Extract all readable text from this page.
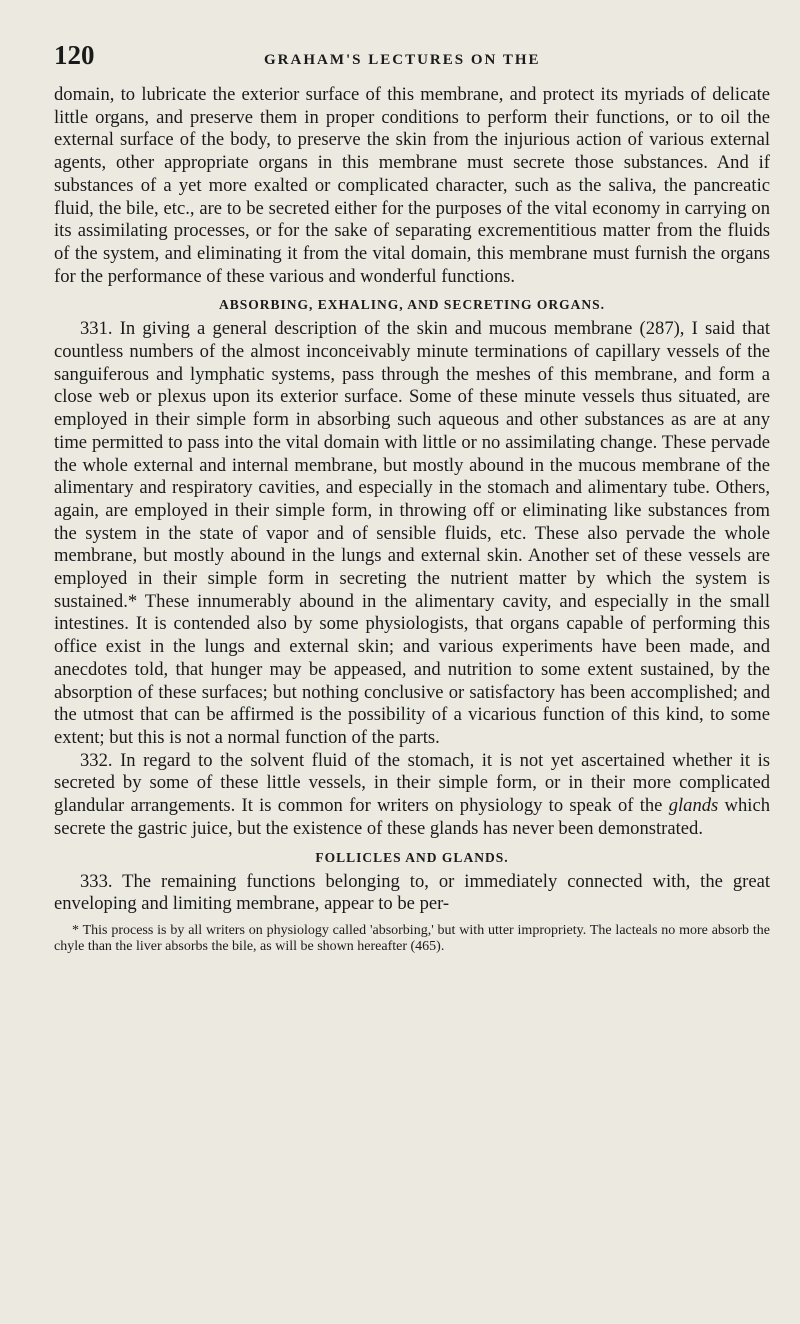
120	GRAHAM'S LECTURES ON THE

domain, to lubricate the exterior surface of this membrane, and protect its myriads of delicate little organs, and preserve them in proper conditions to perform their functions, or to oil the external surface of the body, to preserve the skin from the injurious action of various external agents, other appropriate organs in this membrane must secrete those substances. And if substances of a yet more exalted or complicated character, such as the saliva, the pancreatic fluid, the bile, etc., are to be secreted either for the purposes of the vital economy in carrying on its assimilating processes, or for the sake of separating excrementitious matter from the fluids of the system, and eliminating it from the vital domain, this membrane must furnish the organs for the performance of these various and wonderful functions.

ABSORBING, EXHALING, AND SECRETING ORGANS.

331. In giving a general description of the skin and mucous membrane (287), I said that countless numbers of the almost inconceivably minute terminations of capillary vessels of the sanguiferous and lymphatic systems, pass through the meshes of this membrane, and form a close web or plexus upon its exterior surface. Some of these minute vessels thus situated, are employed in their simple form in absorbing such aqueous and other substances as are at any time permitted to pass into the vital domain with little or no assimilating change. These pervade the whole external and internal membrane, but mostly abound in the mucous membrane of the alimentary and respiratory cavities, and especially in the stomach and alimentary tube. Others, again, are employed in their simple form, in throwing off or eliminating like substances from the system in the state of vapor and of sensible fluids, etc. These also pervade the whole membrane, but mostly abound in the lungs and external skin. Another set of these vessels are employed in their simple form in secreting the nutrient matter by which the system is sustained.* These innumerably abound in the alimentary cavity, and especially in the small intestines. It is contended also by some physiologists, that organs capable of performing this office exist in the lungs and external skin; and various experiments have been made, and anecdotes told, that hunger may be appeased, and nutrition to some extent sustained, by the absorption of these surfaces; but nothing conclusive or satisfactory has been accomplished; and the utmost that can be affirmed is the possibility of a vicarious function of this kind, to some extent; but this is not a normal function of the parts.

332. In regard to the solvent fluid of the stomach, it is not yet ascertained whether it is secreted by some of these little vessels, in their simple form, or in their more complicated glandular arrangements. It is common for writers on physiology to speak of the glands which secrete the gastric juice, but the existence of these glands has never been demonstrated.

FOLLICLES AND GLANDS.

333. The remaining functions belonging to, or immediately connected with, the great enveloping and limiting membrane, appear to be per-

* This process is by all writers on physiology called 'absorbing,' but with utter impropriety. The lacteals no more absorb the chyle than the liver absorbs the bile, as will be shown hereafter (465).
